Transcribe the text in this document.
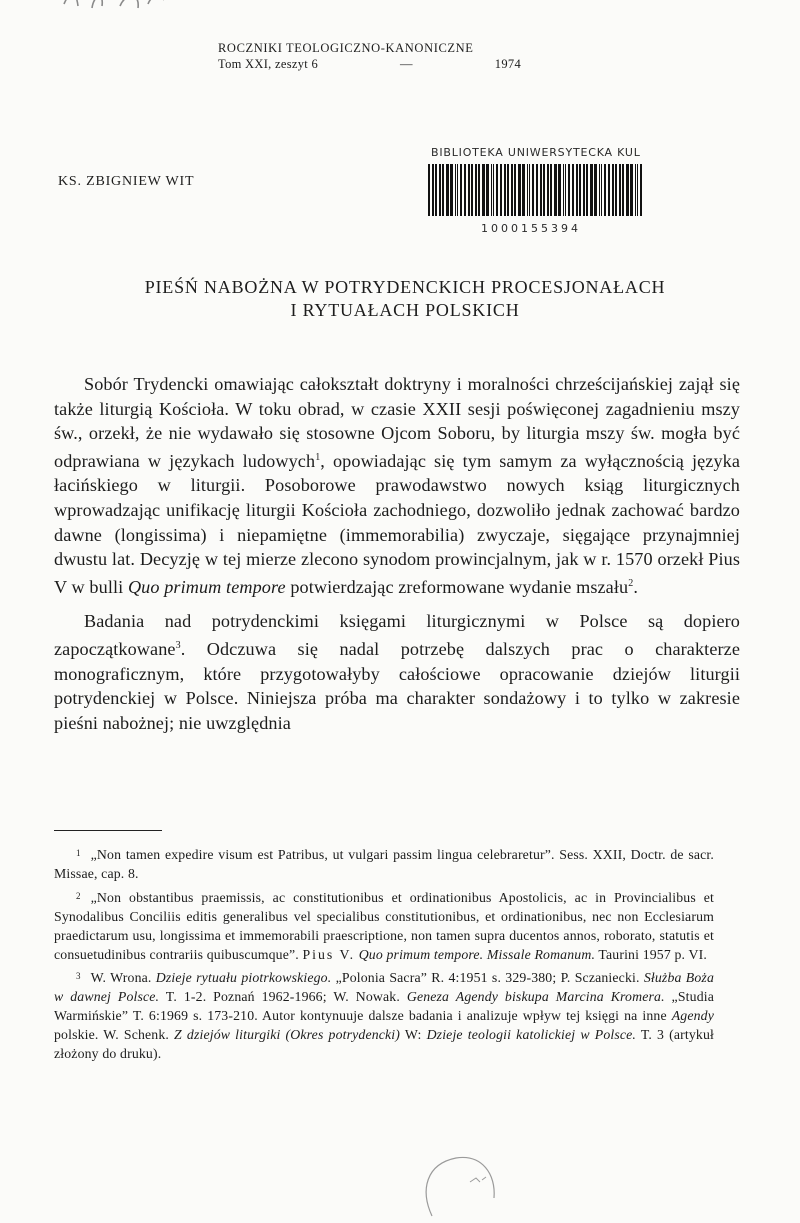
ROCZNIKI TEOLOGICZNO-KANONICZNE
Tom XXI, zeszyt 6	—	1974
BIBLIOTEKA UNIWERSYTECKA KUL
1000155394
KS. ZBIGNIEW WIT
PIEŚŃ NABOŻNA W POTRYDENCKICH PROCESJONAŁACH
I RYTUAŁACH POLSKICH

Sobór Trydencki omawiając całokształt doktryny i moralności chrześcijańskiej zajął się także liturgią Kościoła. W toku obrad, w czasie XXII sesji poświęconej zagadnieniu mszy św., orzekł, że nie wydawało się stosowne Ojcom Soboru, by liturgia mszy św. mogła być odprawiana w językach ludowych$^1$, opowiadając się tym samym za wyłącznością języka łacińskiego w liturgii. Posoborowe prawodawstwo nowych ksiąg liturgicznych wprowadzając unifikację liturgii Kościoła zachodniego, dozwoliło jednak zachować bardzo dawne (longissima) i niepamiętne (immemorabilia) zwyczaje, sięgające przynajmniej dwustu lat. Decyzję w tej mierze zlecono synodom prowincjalnym, jak w r. 1570 orzekł Pius V w bulli Quo primum tempore potwierdzając zreformowane wydanie mszału$^2$.

Badania nad potrydenckimi księgami liturgicznymi w Polsce są dopiero zapoczątkowane$^3$. Odczuwa się nadal potrzebę dalszych prac o charakterze monograficznym, które przygotowałyby całościowe opracowanie dziejów liturgii potrydenckiej w Polsce. Niniejsza próba ma charakter sondażowy i to tylko w zakresie pieśni nabożnej; nie uwzględnia

$^1$ „Non tamen expedire visum est Patribus, ut vulgari passim lingua celebraretur”. Sess. XXII, Doctr. de sacr. Missae, cap. 8.

$^2$ „Non obstantibus praemissis, ac constitutionibus et ordinationibus Apostolicis, ac in Provincialibus et Synodalibus Conciliis editis generalibus vel specialibus constitutionibus, et ordinationibus, nec non Ecclesiarum praedictarum usu, longissima et immemorabili praescriptione, non tamen supra ducentos annos, roborato, statutis et consuetudinibus contrariis quibuscumque”. Pius V. Quo primum tempore. Missale Romanum. Taurini 1957 p. VI.

$^3$ W. Wrona. Dzieje rytuału piotrkowskiego. „Polonia Sacra” R. 4:1951 s. 329-380; P. Sczaniecki. Służba Boża w dawnej Polsce. T. 1-2. Poznań 1962-1966; W. Nowak. Geneza Agendy biskupa Marcina Kromera. „Studia Warmińskie” T. 6:1969 s. 173-210. Autor kontynuuje dalsze badania i analizuje wpływ tej księgi na inne Agendy polskie. W. Schenk. Z dziejów liturgiki (Okres potrydencki) W: Dzieje teologii katolickiej w Polsce. T. 3 (artykuł złożony do druku).
